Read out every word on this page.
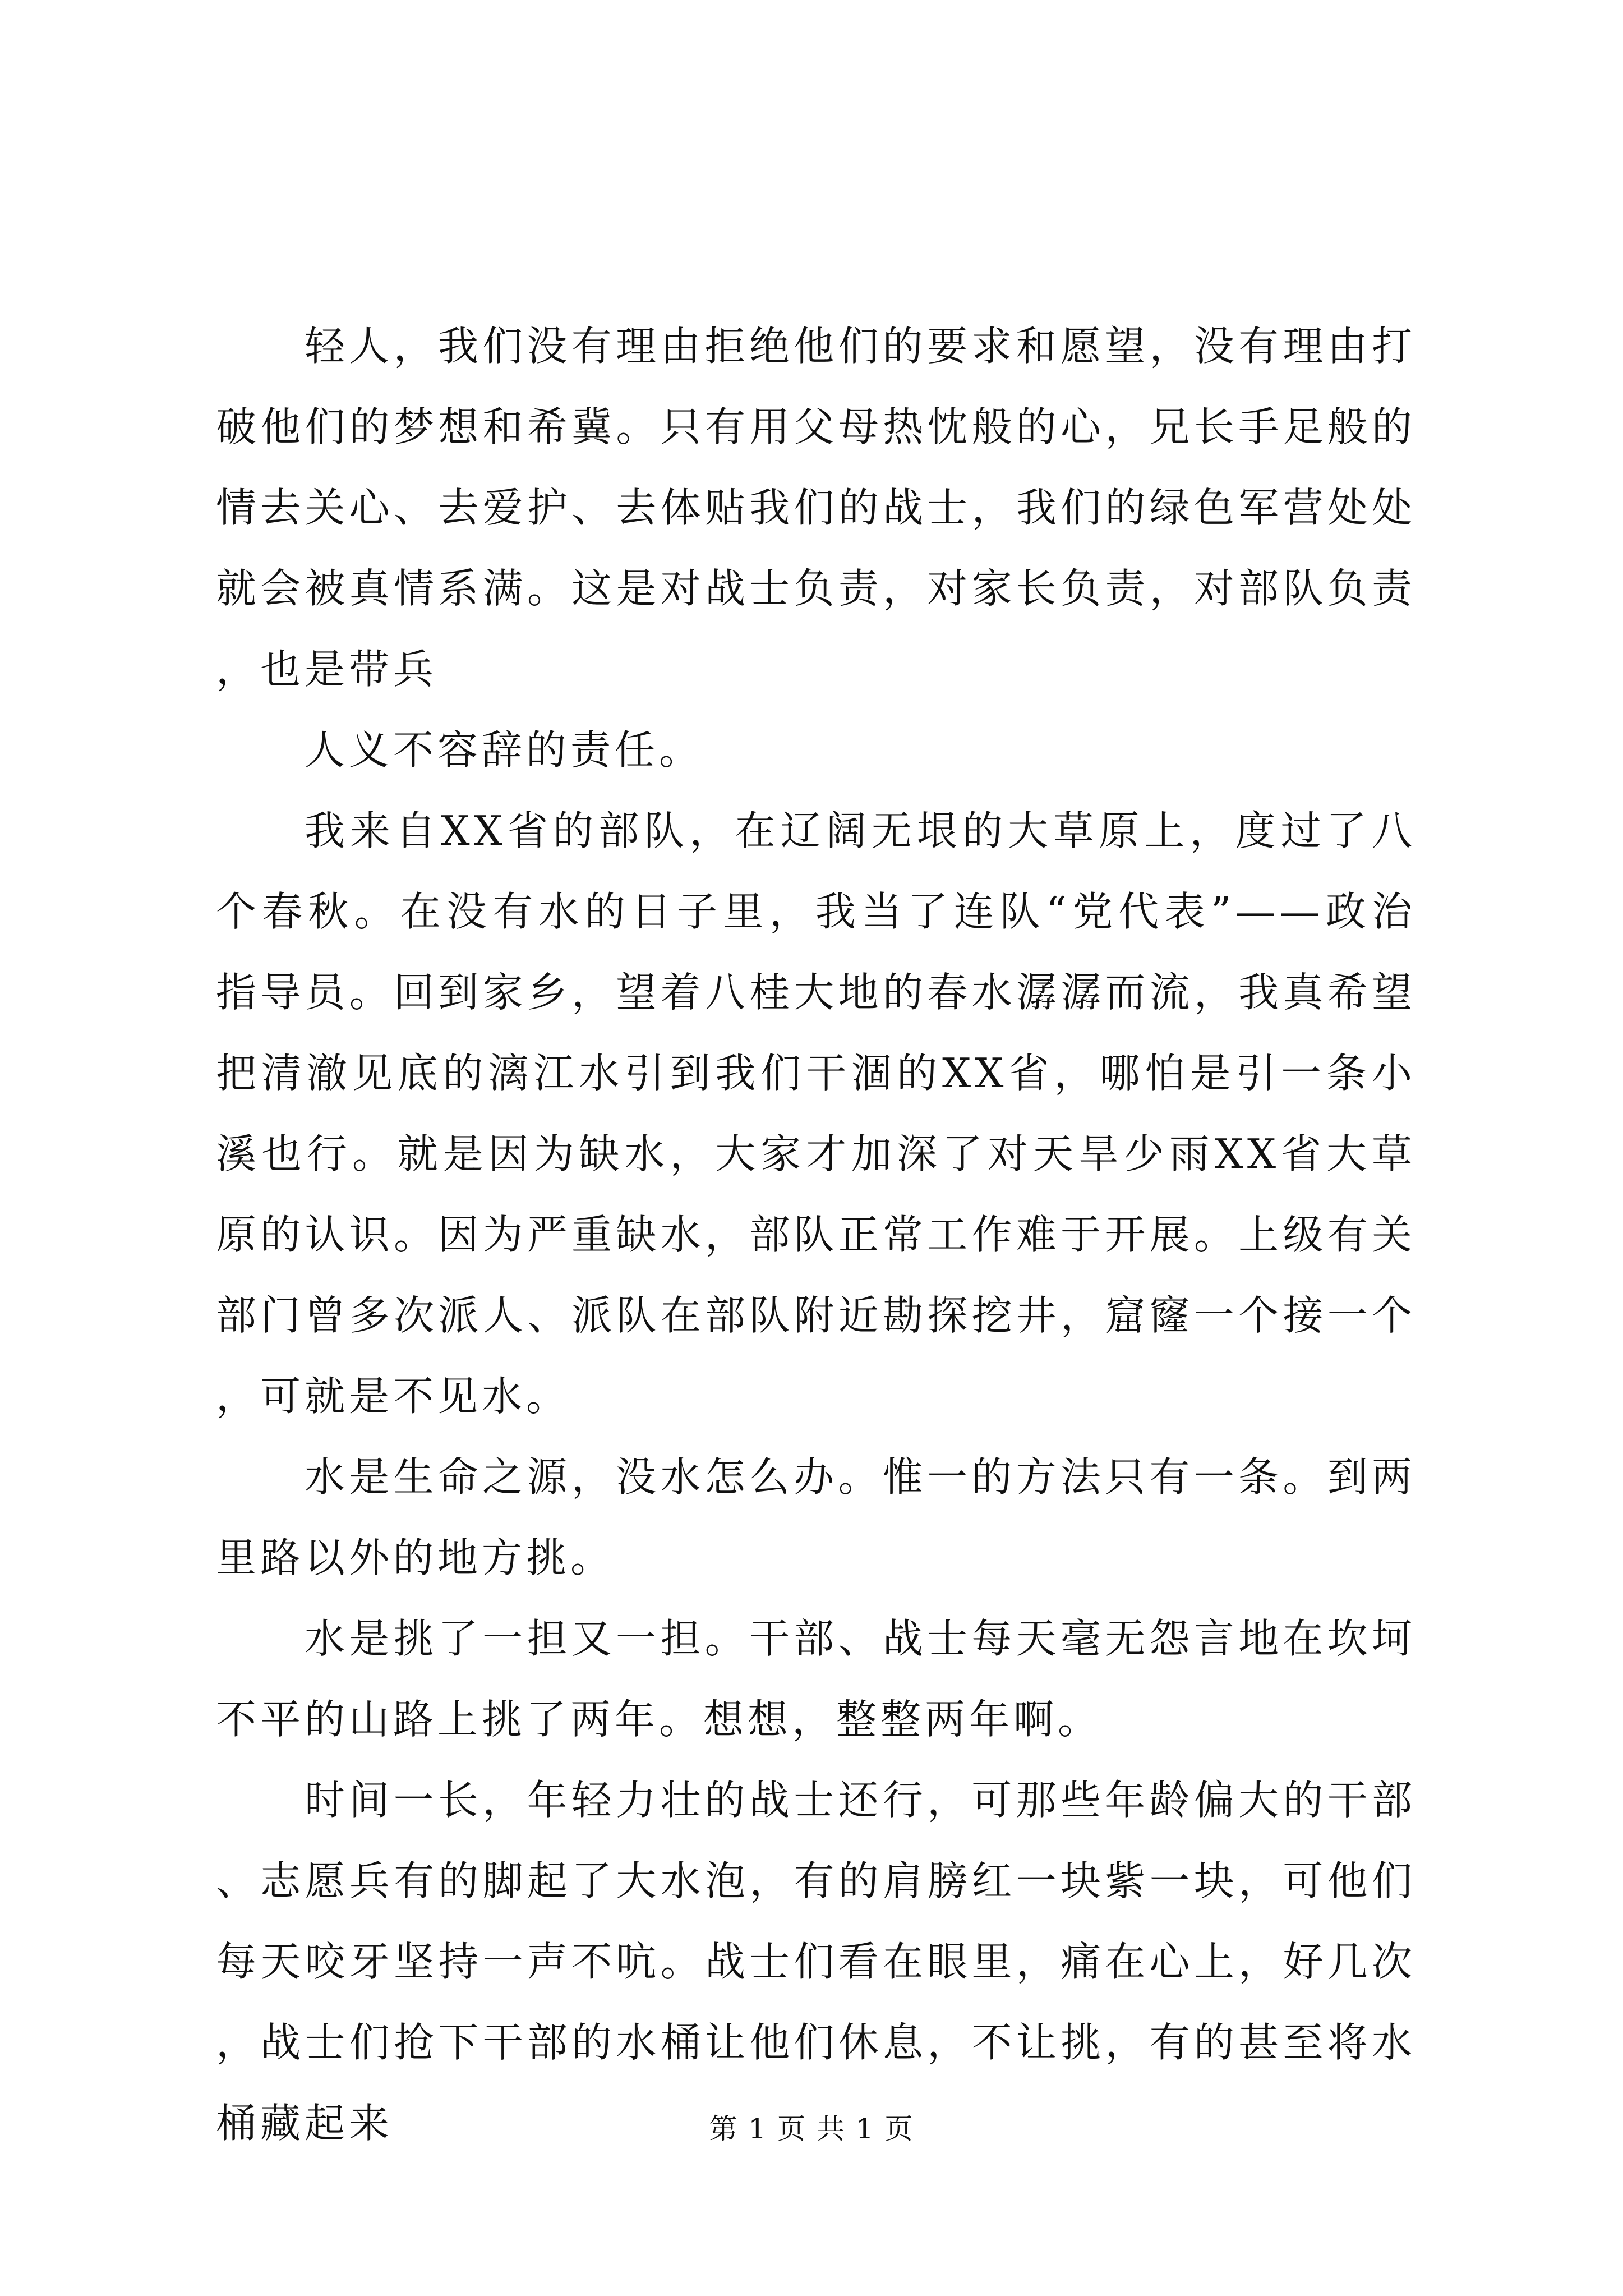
轻人，我们没有理由拒绝他们的要求和愿望，没有理由打破他们的梦想和希冀。只有用父母热忱般的心，兄长手足般的情去关心、去爱护、去体贴我们的战士，我们的绿色军营处处就会被真情系满。这是对战士负责，对家长负责，对部队负责，也是带兵

人义不容辞的责任。

我来自XX省的部队，在辽阔无垠的大草原上，度过了八个春秋。在没有水的日子里，我当了连队“党代表”——政治指导员。回到家乡，望着八桂大地的春水潺潺而流，我真希望把清澈见底的漓江水引到我们干涸的XX省，哪怕是引一条小溪也行。就是因为缺水，大家才加深了对天旱少雨XX省大草原的认识。因为严重缺水，部队正常工作难于开展。上级有关部门曾多次派人、派队在部队附近勘探挖井，窟窿一个接一个，可就是不见水。

水是生命之源，没水怎么办。惟一的方法只有一条。到两里路以外的地方挑。

水是挑了一担又一担。干部、战士每天毫无怨言地在坎坷不平的山路上挑了两年。想想，整整两年啊。

时间一长，年轻力壮的战士还行，可那些年龄偏大的干部、志愿兵有的脚起了大水泡，有的肩膀红一块紫一块，可他们每天咬牙坚持一声不吭。战士们看在眼里，痛在心上，好几次，战士们抢下干部的水桶让他们休息，不让挑，有的甚至将水桶藏起来	第 1 页 共 1 页
